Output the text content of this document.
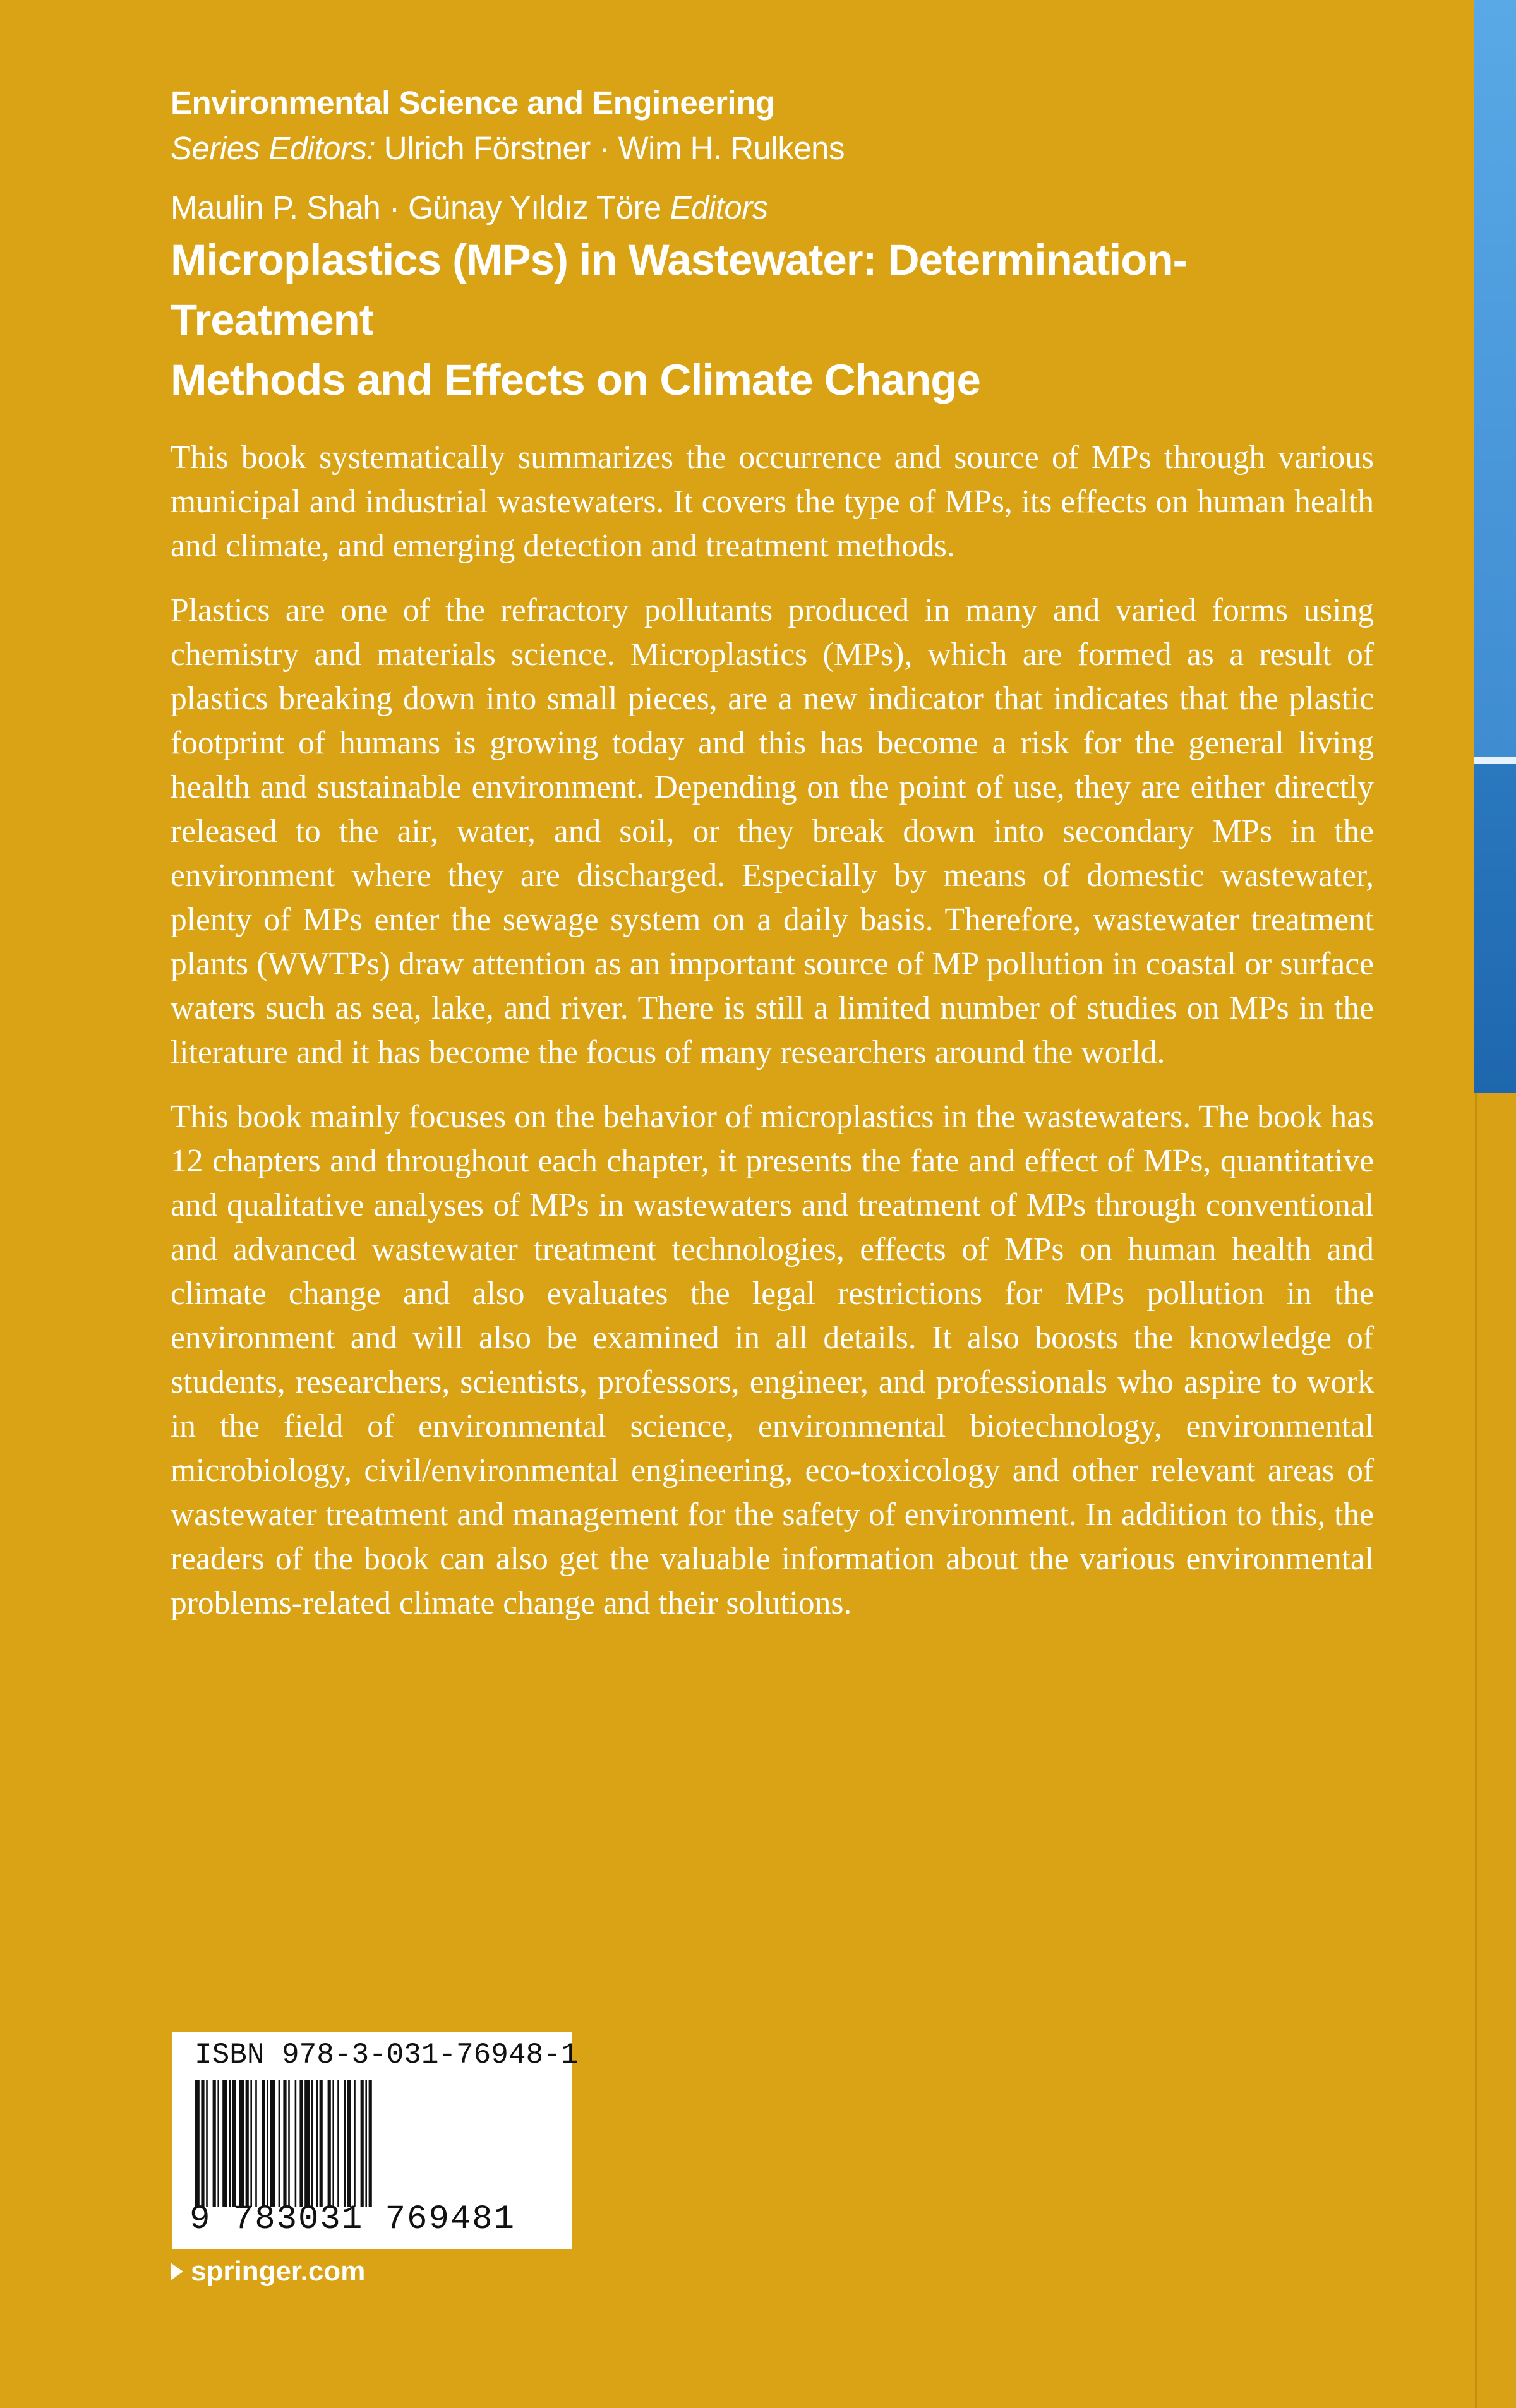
Environmental Science and Engineering
Series Editors: Ulrich Förstner · Wim H. Rulkens
Maulin P. Shah · Günay Yıldız Töre Editors
Microplastics (MPs) in Wastewater: Determination-Treatment
Methods and Effects on Climate Change

This book systematically summarizes the occurrence and source of MPs through various municipal and industrial wastewaters. It covers the type of MPs, its effects on human health and climate, and emerging detection and treatment methods.

Plastics are one of the refractory pollutants produced in many and varied forms using chemistry and materials science. Microplastics (MPs), which are formed as a result of plastics breaking down into small pieces, are a new indicator that indicates that the plastic footprint of humans is growing today and this has become a risk for the general living health and sustainable environment. Depending on the point of use, they are either directly released to the air, water, and soil, or they break down into secondary MPs in the environment where they are discharged. Especially by means of domestic wastewater, plenty of MPs enter the sewage system on a daily basis. Therefore, wastewater treatment plants (WWTPs) draw attention as an important source of MP pollution in coastal or surface waters such as sea, lake, and river. There is still a limited number of studies on MPs in the literature and it has become the focus of many researchers around the world.

This book mainly focuses on the behavior of microplastics in the wastewaters. The book has 12 chapters and throughout each chapter, it presents the fate and effect of MPs, quantitative and qualitative analyses of MPs in wastewaters and treatment of MPs through conventional and advanced wastewater treatment technologies, effects of MPs on human health and climate change and also evaluates the legal restrictions for MPs pollution in the environment and will also be examined in all details. It also boosts the knowledge of students, researchers, scientists, professors, engineer, and professionals who aspire to work in the field of environmental science, environmental biotechnology, environmental microbiology, civil/environmental engineering, eco-toxicology and other relevant areas of wastewater treatment and management for the safety of environment. In addition to this, the readers of the book can also get the valuable information about the various environmental problems-related climate change and their solutions.

ISBN 978-3-031-76948-1
9 783031 769481
springer.com
